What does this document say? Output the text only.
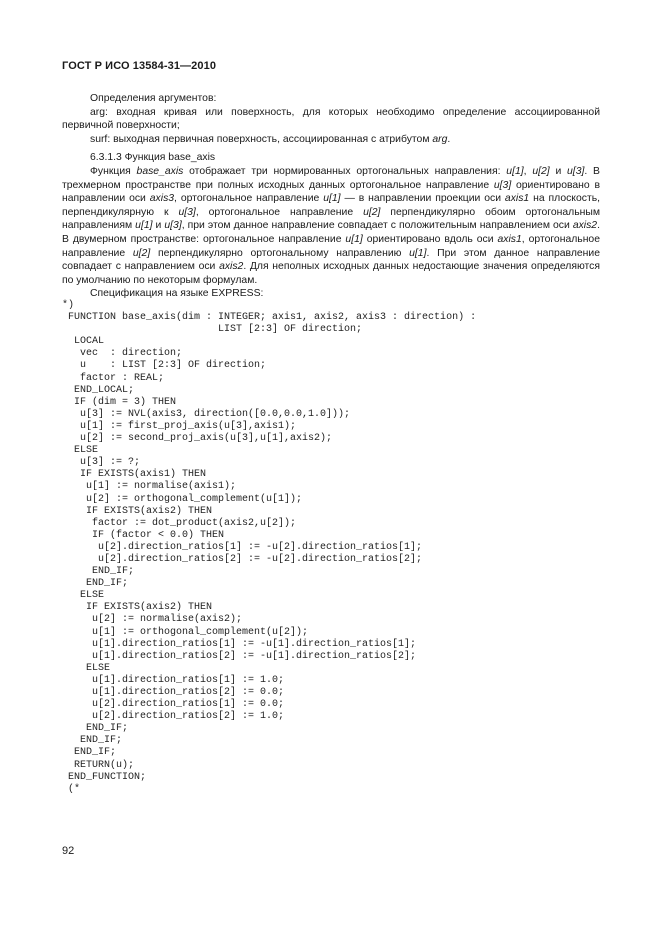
ГОСТ Р ИСО 13584-31—2010

Определения аргументов:

arg: входная кривая или поверхность, для которых необходимо определение ассоциированной первичной поверхности;

surf: выходная первичная поверхность, ассоциированная с атрибутом arg.

6.3.1.3 Функция base_axis

Функция base_axis отображает три нормированных ортогональных направления: u[1], u[2] и u[3]. В трехмерном пространстве при полных исходных данных ортогональное направление u[3] ориентировано в направлении оси axis3, ортогональное направление u[1] — в направлении проекции оси axis1 на плоскость, перпендикулярную к u[3], ортогональное направление u[2] перпендикулярно обоим ортогональным направлениям u[1] и u[3], при этом данное направление совпадает с положительным направлением оси axis2. В двумерном пространстве: ортогональное направление u[1] ориентировано вдоль оси axis1, ортогональное направление u[2] перпендикулярно ортогональному направлению u[1]. При этом данное направление совпадает с направлением оси axis2. Для неполных исходных данных недостающие значения определяются по умолчанию по некоторым формулам.

Спецификация на языке EXPRESS:

*)
FUNCTION base_axis(dim : INTEGER; axis1, axis2, axis3 : direction) :
LIST [2:3] OF direction;
LOCAL
vec  : direction;
u    : LIST [2:3] OF direction;
factor : REAL;
END_LOCAL;
IF (dim = 3) THEN
u[3] := NVL(axis3, direction([0.0,0.0,1.0]));
u[1] := first_proj_axis(u[3],axis1);
u[2] := second_proj_axis(u[3],u[1],axis2);
ELSE
u[3] := ?;
IF EXISTS(axis1) THEN
u[1] := normalise(axis1);
u[2] := orthogonal_complement(u[1]);
IF EXISTS(axis2) THEN
factor := dot_product(axis2,u[2]);
IF (factor < 0.0) THEN
u[2].direction_ratios[1] := -u[2].direction_ratios[1];
u[2].direction_ratios[2] := -u[2].direction_ratios[2];
END_IF;
END_IF;
ELSE
IF EXISTS(axis2) THEN
u[2] := normalise(axis2);
u[1] := orthogonal_complement(u[2]);
u[1].direction_ratios[1] := -u[1].direction_ratios[1];
u[1].direction_ratios[2] := -u[1].direction_ratios[2];
ELSE
u[1].direction_ratios[1] := 1.0;
u[1].direction_ratios[2] := 0.0;
u[2].direction_ratios[1] := 0.0;
u[2].direction_ratios[2] := 1.0;
END_IF;
END_IF;
END_IF;
RETURN(u);
END_FUNCTION;
(*
92
